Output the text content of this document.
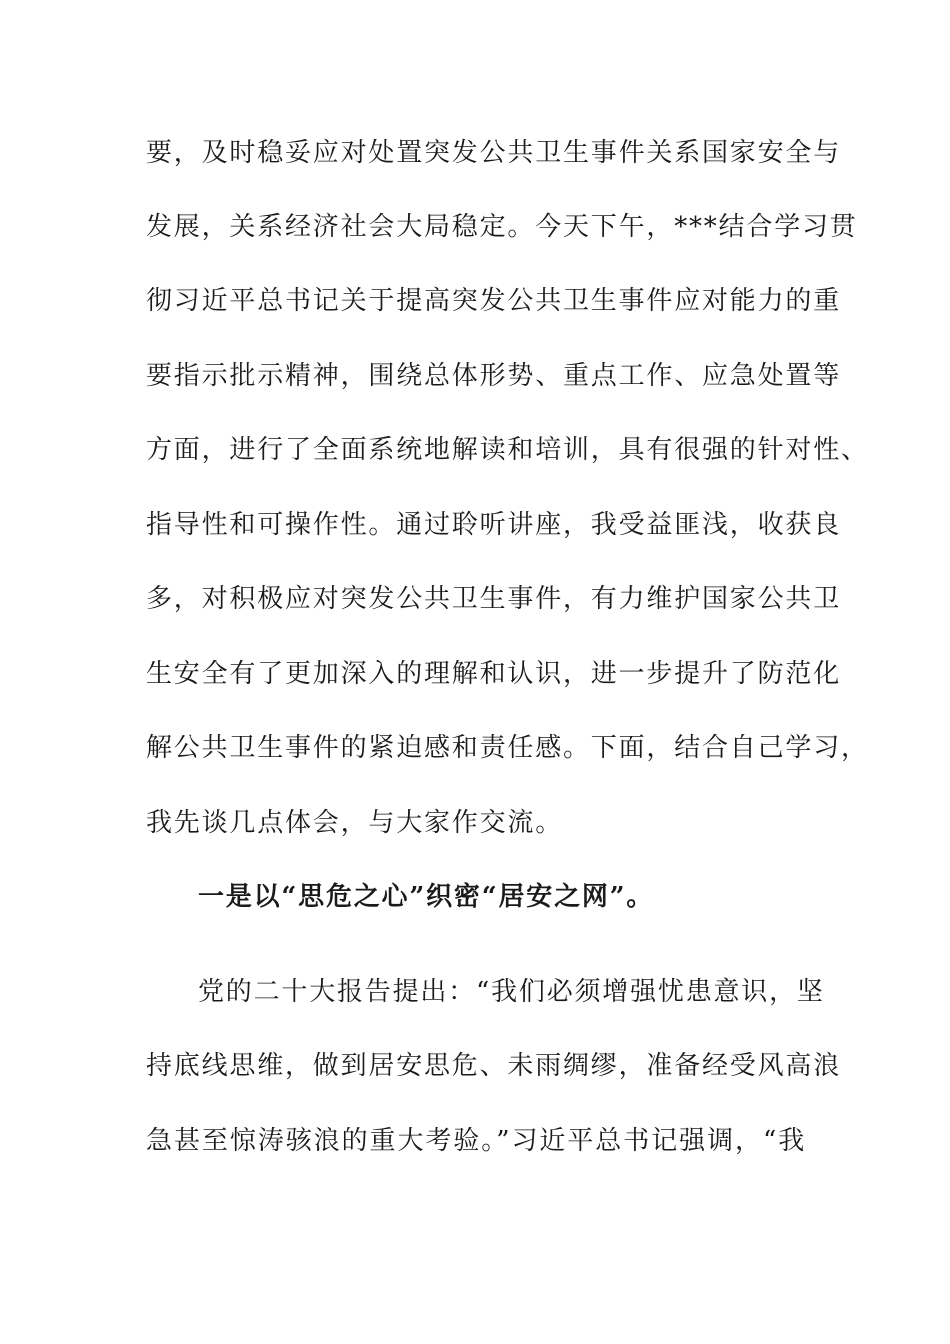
要，及时稳妥应对处置突发公共卫生事件关系国家安全与
发展，关系经济社会大局稳定。今天下午，***结合学习贯
彻习近平总书记关于提高突发公共卫生事件应对能力的重
要指示批示精神，围绕总体形势、重点工作、应急处置等
方面，进行了全面系统地解读和培训，具有很强的针对性、
指导性和可操作性。通过聆听讲座，我受益匪浅，收获良
多，对积极应对突发公共卫生事件，有力维护国家公共卫
生安全有了更加深入的理解和认识，进一步提升了防范化
解公共卫生事件的紧迫感和责任感。下面，结合自己学习，
我先谈几点体会，与大家作交流。
一是以“思危之心”织密“居安之网”。
党的二十大报告提出：“我们必须增强忧患意识，坚
持底线思维，做到居安思危、未雨绸缪，准备经受风高浪
急甚至惊涛骇浪的重大考验。”习近平总书记强调，“我
